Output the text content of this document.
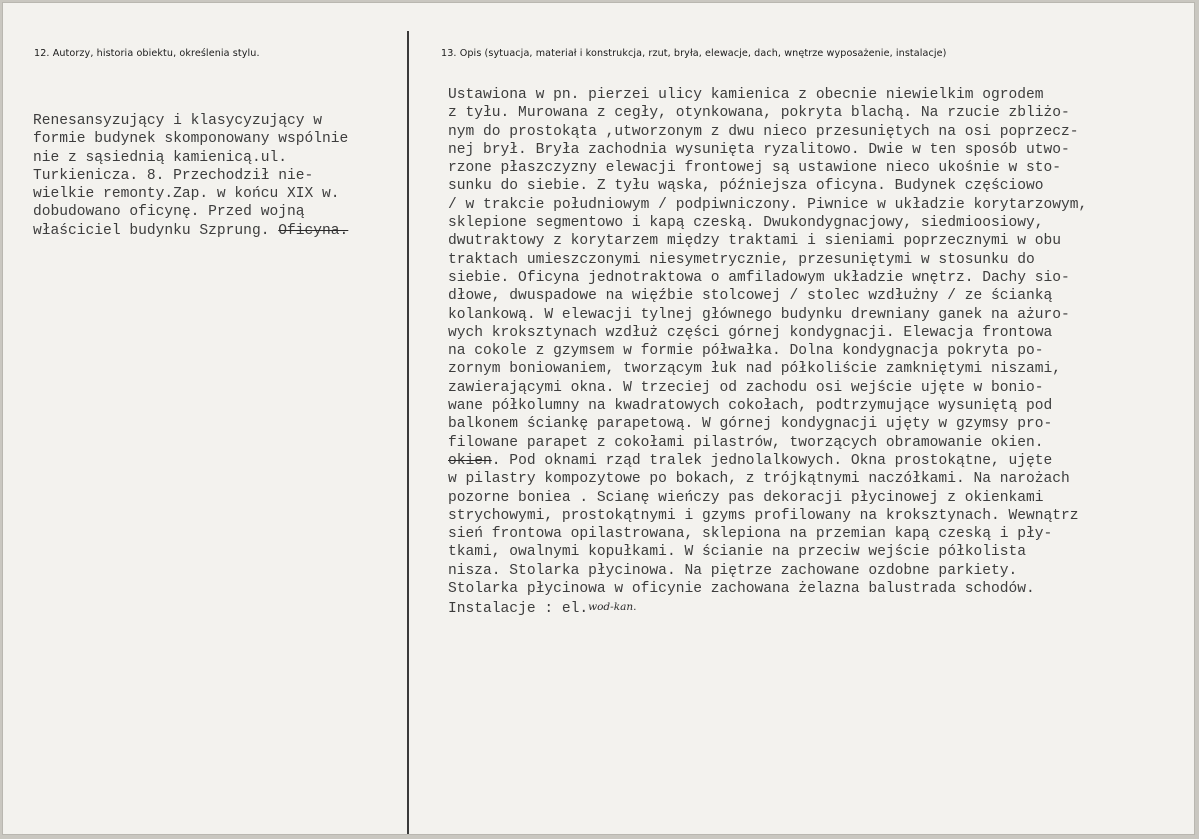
12. Autorzy, historia obiektu, określenia stylu.	13. Opis (sytuacja, materiał i konstrukcja, rzut, bryła, elewacje, dach, wnętrze wyposażenie, instalacje)
Renesansyzujący i klasycyzujący w
formie budynek skomponowany wspólnie
nie z sąsiednią kamienicą.ul.
Turkienicza. 8. Przechodził nie-
wielkie remonty.Zap. w końcu XIX w.
dobudowano oficynę. Przed wojną
właściciel budynku Szprung. Oficyna.
Ustawiona w pn. pierzei ulicy kamienica z obecnie niewielkim ogrodem
z tyłu. Murowana z cegły, otynkowana, pokryta blachą. Na rzucie zbliżo-
nym do prostokąta ,utworzonym z dwu nieco przesuniętych na osi poprzecz-
nej brył. Bryła zachodnia wysunięta ryzalitowo. Dwie w ten sposób utwo-
rzone płaszczyzny elewacji frontowej są ustawione nieco ukośnie w sto-
sunku do siebie. Z tyłu wąska, późniejsza oficyna. Budynek częściowo
/ w trakcie południowym / podpiwniczony. Piwnice w układzie korytarzowym,
sklepione segmentowo i kapą czeską. Dwukondygnacjowy, siedmioosiowy,
dwutraktowy z korytarzem między traktami i sieniami poprzecznymi w obu
traktach umieszczonymi niesymetrycznie, przesuniętymi w stosunku do
siebie. Oficyna jednotraktowa o amfiladowym układzie wnętrz. Dachy sio-
dłowe, dwuspadowe na więźbie stolcowej / stolec wzdłużny / ze ścianką
kolankową. W elewacji tylnej głównego budynku drewniany ganek na ażuro-
wych kroksztynach wzdłuż części górnej kondygnacji. Elewacja frontowa
na cokole z gzymsem w formie półwałka. Dolna kondygnacja pokryta po-
zornym boniowaniem, tworzącym łuk nad półkoliście zamkniętymi niszami,
zawierającymi okna. W trzeciej od zachodu osi wejście ujęte w bonio-
wane półkolumny na kwadratowych cokołach, podtrzymujące wysuniętą pod
balkonem ściankę parapetową. W górnej kondygnacji ujęty w gzymsy pro-
filowane parapet z cokołami pilastrów, tworzących obramowanie okien.
okien. Pod oknami rząd tralek jednolalkowych. Okna prostokątne, ujęte
w pilastry kompozytowe po bokach, z trójkątnymi naczółkami. Na narożach
pozorne boniea . Scianę wieńczy pas dekoracji płycinowej z okienkami
strychowymi, prostokątnymi i gzyms profilowany na kroksztynach. Wewnątrz
sień frontowa opilastrowana, sklepiona na przemian kapą czeską i pły-
tkami, owalnymi kopułkami. W ścianie na przeciw wejście półkolista
nisza. Stolarka płycinowa. Na piętrze zachowane ozdobne parkiety.
Stolarka płycinowa w oficynie zachowana żelazna balustrada schodów.
Instalacje : el.wod-kan.
